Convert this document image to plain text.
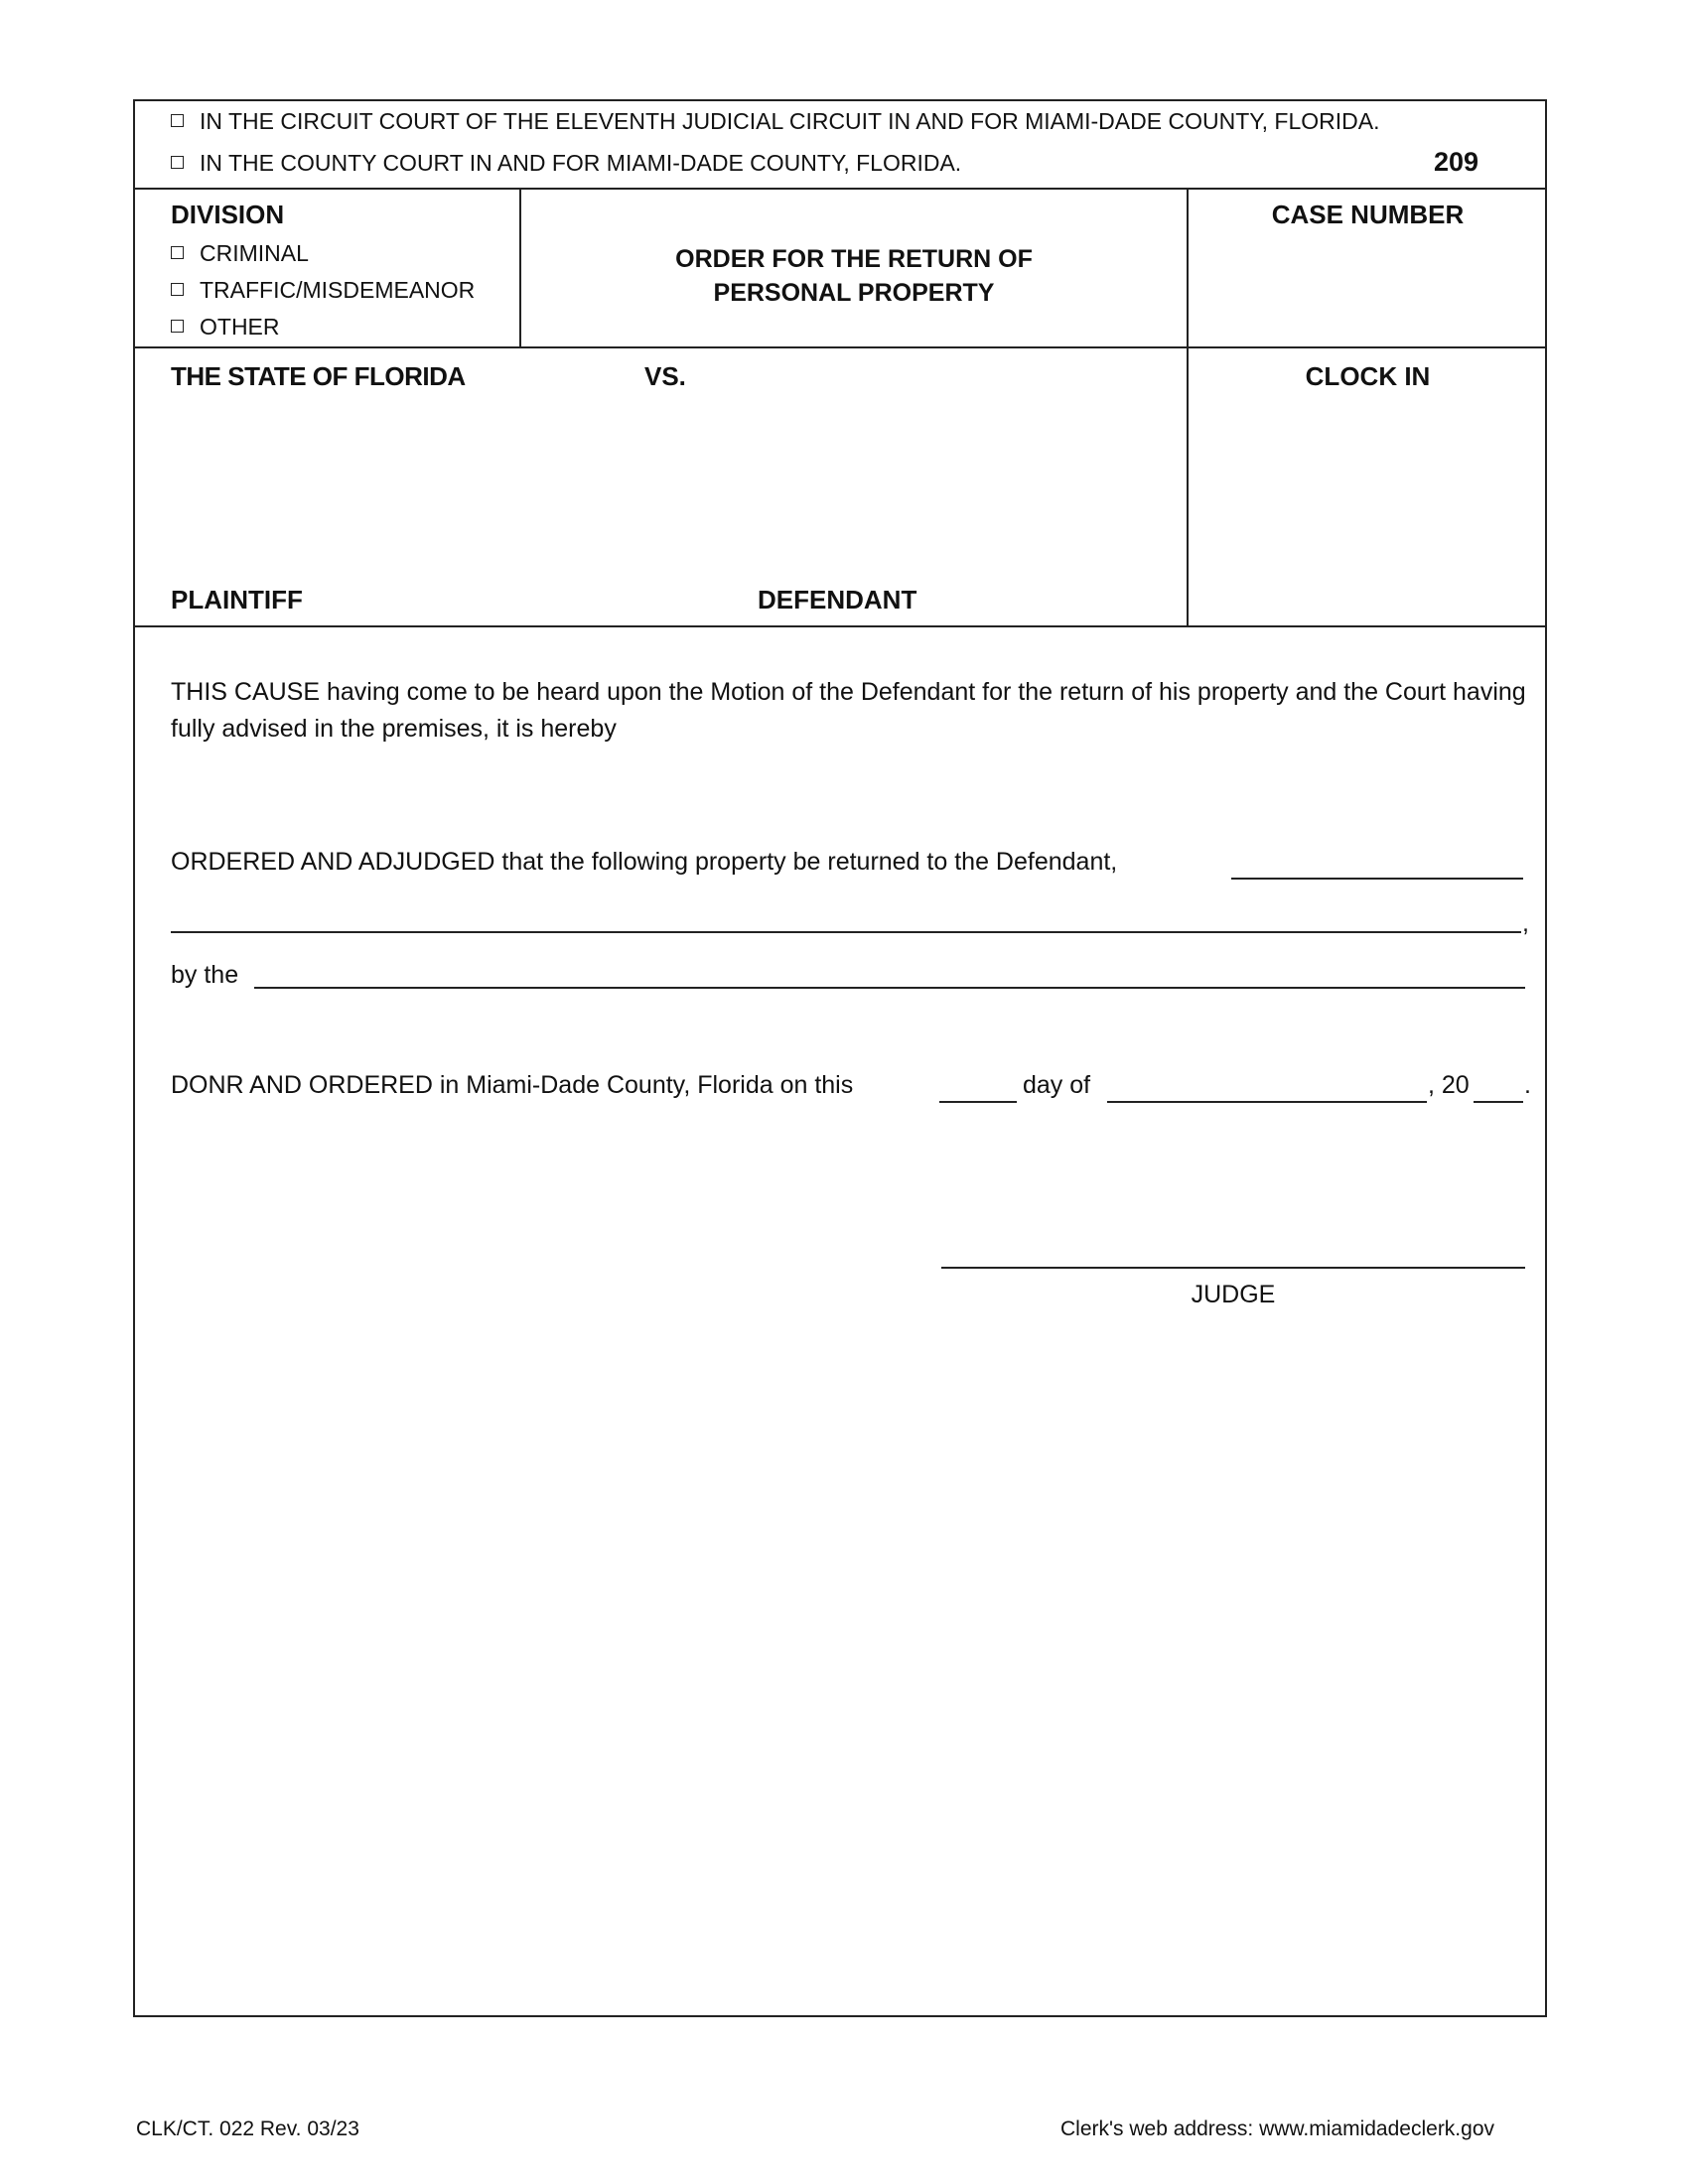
IN THE CIRCUIT COURT OF THE ELEVENTH JUDICIAL CIRCUIT IN AND FOR MIAMI-DADE COUNTY, FLORIDA.
IN THE COUNTY COURT IN AND FOR MIAMI-DADE COUNTY, FLORIDA.	209
DIVISION
CRIMINAL
TRAFFIC/MISDEMEANOR
OTHER
ORDER FOR THE RETURN OF
PERSONAL PROPERTY
CASE NUMBER
THE STATE OF FLORIDA	VS.
PLAINTIFF	DEFENDANT
CLOCK IN
THIS CAUSE having come to be heard upon the Motion of the Defendant for the return of his property and the Court having fully advised in the premises, it is hereby
ORDERED AND ADJUDGED that the following property be returned to the Defendant,
,
by the
DONR AND ORDERED in Miami-Dade County, Florida on this	day of	, 20 .
JUDGE
CLK/CT. 022 Rev. 03/23	Clerk's web address: www.miamidadeclerk.gov
